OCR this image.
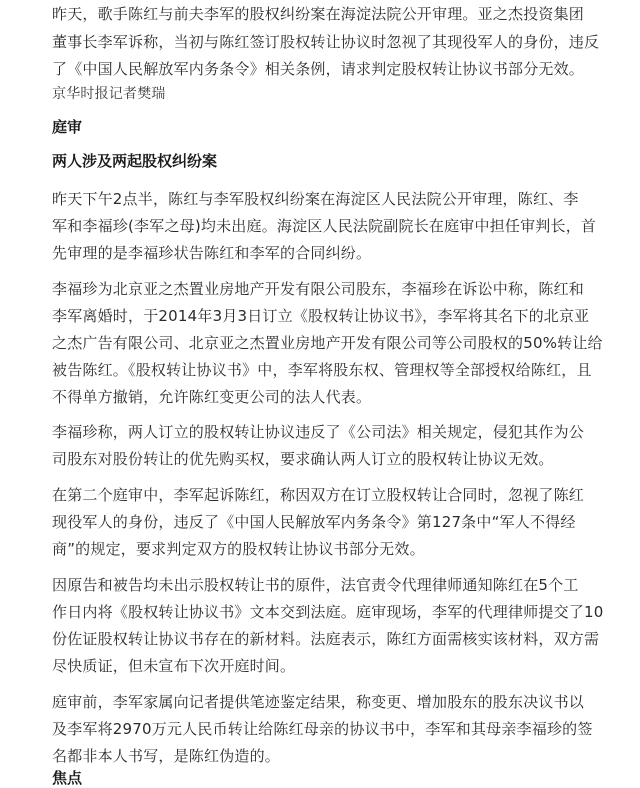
昨天，歌手陈红与前夫李军的股权纠纷案在海淀法院公开审理。亚之杰投资集团
董事长李军诉称，当初与陈红签订股权转让协议时忽视了其现役军人的身份，违反
了《中国人民解放军内务条令》相关条例，请求判定股权转让协议书部分无效。
京华时报记者樊瑞
庭审
两人涉及两起股权纠纷案
昨天下午2点半，陈红与李军股权纠纷案在海淀区人民法院公开审理，陈红、李
军和李福珍(李军之母)均未出庭。海淀区人民法院副院长在庭审中担任审判长，首
先审理的是李福珍状告陈红和李军的合同纠纷。
李福珍为北京亚之杰置业房地产开发有限公司股东，李福珍在诉讼中称，陈红和
李军离婚时，于2014年3月3日订立《股权转让协议书》，李军将其名下的北京亚
之杰广告有限公司、北京亚之杰置业房地产开发有限公司等公司股权的50%转让给
被告陈红。《股权转让协议书》中，李军将股东权、管理权等全部授权给陈红，且
不得单方撤销，允许陈红变更公司的法人代表。
李福珍称，两人订立的股权转让协议违反了《公司法》相关规定，侵犯其作为公
司股东对股份转让的优先购买权，要求确认两人订立的股权转让协议无效。
在第二个庭审中，李军起诉陈红，称因双方在订立股权转让合同时，忽视了陈红
现役军人的身份，违反了《中国人民解放军内务条令》第127条中“军人不得经
商”的规定，要求判定双方的股权转让协议书部分无效。
因原告和被告均未出示股权转让书的原件，法官责令代理律师通知陈红在5个工
作日内将《股权转让协议书》文本交到法庭。庭审现场，李军的代理律师提交了10
份佐证股权转让协议书存在的新材料。法庭表示，陈红方面需核实该材料，双方需
尽快质证，但未宣布下次开庭时间。
庭审前，李军家属向记者提供笔迹鉴定结果，称变更、增加股东的股东决议书以
及李军将2970万元人民币转让给陈红母亲的协议书中，李军和其母亲李福珍的签
名都非本人书写，是陈红伪造的。
焦点
